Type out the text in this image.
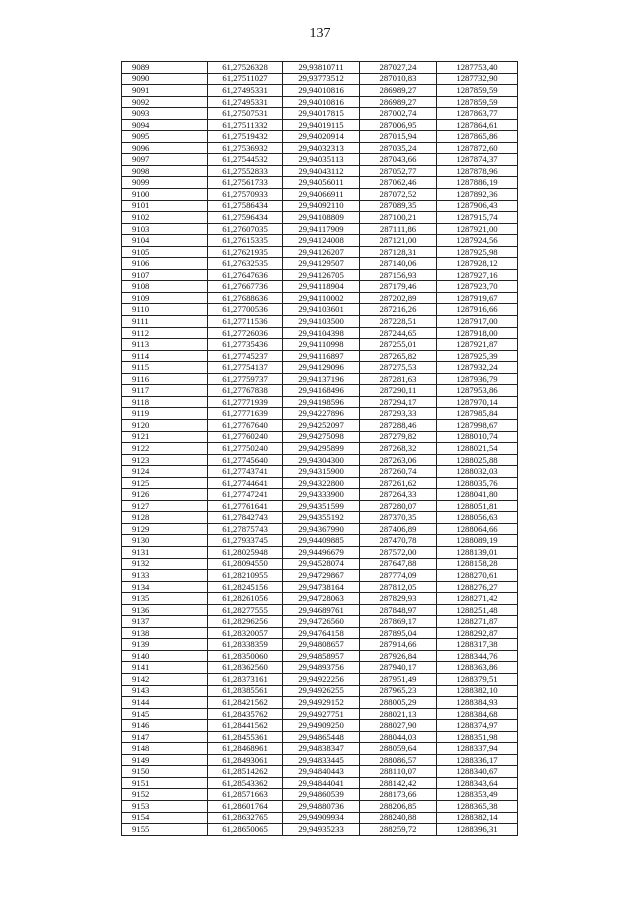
137
9089	61,27526328	29,93810711	287027,24	1287753,40
9090	61,27511027	29,93773512	287010,83	1287732,90
9091	61,27495331	29,94010816	286989,27	1287859,59
9092	61,27495331	29,94010816	286989,27	1287859,59
9093	61,27507531	29,94017815	287002,74	1287863,77
9094	61,27511332	29,94019115	287006,95	1287864,61
9095	61,27519432	29,94020914	287015,94	1287865,86
9096	61,27536932	29,94032313	287035,24	1287872,60
9097	61,27544532	29,94035113	287043,66	1287874,37
9098	61,27552833	29,94043112	287052,77	1287878,96
9099	61,27561733	29,94056011	287062,46	1287886,19
9100	61,27570933	29,94066911	287072,52	1287892,36
9101	61,27586434	29,94092110	287089,35	1287906,43
9102	61,27596434	29,94108809	287100,21	1287915,74
9103	61,27607035	29,94117909	287111,86	1287921,00
9104	61,27615335	29,94124008	287121,00	1287924,56
9105	61,27621935	29,94126207	287128,31	1287925,98
9106	61,27632535	29,94129507	287140,06	1287928,12
9107	61,27647636	29,94126705	287156,93	1287927,16
9108	61,27667736	29,94118904	287179,46	1287923,70
9109	61,27688636	29,94110002	287202,89	1287919,67
9110	61,27700536	29,94103601	287216,26	1287916,66
9111	61,27711536	29,94103500	287228,51	1287917,00
9112	61,27726036	29,94104398	287244,65	1287918,00
9113	61,27735436	29,94110998	287255,01	1287921,87
9114	61,27745237	29,94116897	287265,82	1287925,39
9115	61,27754137	29,94129096	287275,53	1287932,24
9116	61,27759737	29,94137196	287281,63	1287936,79
9117	61,27767838	29,94168496	287290,11	1287953,86
9118	61,27771939	29,94198596	287294,17	1287970,14
9119	61,27771639	29,94227896	287293,33	1287985,84
9120	61,27767640	29,94252097	287288,46	1287998,67
9121	61,27760240	29,94275098	287279,82	1288010,74
9122	61,27750240	29,94295899	287268,32	1288021,54
9123	61,27745640	29,94304300	287263,06	1288025,88
9124	61,27743741	29,94315900	287260,74	1288032,03
9125	61,27744641	29,94322800	287261,62	1288035,76
9126	61,27747241	29,94333900	287264,33	1288041,80
9127	61,27761641	29,94351599	287280,07	1288051,81
9128	61,27842743	29,94355192	287370,35	1288056,63
9129	61,27875743	29,94367990	287406,89	1288064,66
9130	61,27933745	29,94409885	287470,78	1288089,19
9131	61,28025948	29,94496679	287572,00	1288139,01
9132	61,28094550	29,94528074	287647,88	1288158,28
9133	61,28210955	29,94729867	287774,09	1288270,61
9134	61,28245156	29,94738164	287812,05	1288276,27
9135	61,28261056	29,94728063	287829,93	1288271,42
9136	61,28277555	29,94689761	287848,97	1288251,48
9137	61,28296256	29,94726560	287869,17	1288271,87
9138	61,28320057	29,94764158	287895,04	1288292,87
9139	61,28338359	29,94808657	287914,66	1288317,38
9140	61,28350060	29,94858957	287926,84	1288344,76
9141	61,28362560	29,94893756	287940,17	1288363,86
9142	61,28373161	29,94922256	287951,49	1288379,51
9143	61,28385561	29,94926255	287965,23	1288382,10
9144	61,28421562	29,94929152	288005,29	1288384,93
9145	61,28435762	29,94927751	288021,13	1288384,68
9146	61,28441562	29,94909250	288027,90	1288374,97
9147	61,28455361	29,94865448	288044,03	1288351,98
9148	61,28468961	29,94838347	288059,64	1288337,94
9149	61,28493061	29,94833445	288086,57	1288336,17
9150	61,28514262	29,94840443	288110,07	1288340,67
9151	61,28543362	29,94844041	288142,42	1288343,64
9152	61,28571663	29,94860539	288173,66	1288353,49
9153	61,28601764	29,94880736	288206,85	1288365,38
9154	61,28632765	29,94909934	288240,88	1288382,14
9155	61,28650065	29,94935233	288259,72	1288396,31
